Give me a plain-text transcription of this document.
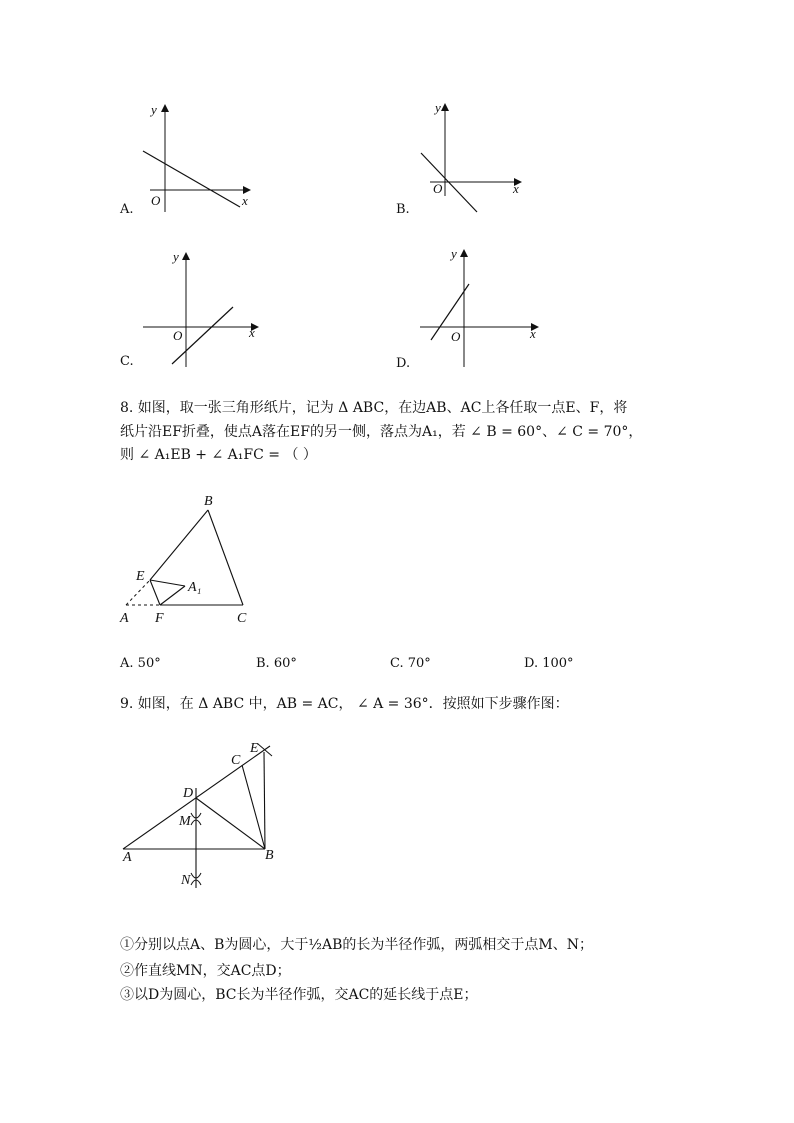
y
x
O
A.
y
x
O
B.
y
x
O
C.
y
x
O
D.
8. 如图，取一张三角形纸片，记为 Δ ABC，在边AB、AC上各任取一点E、F，将
纸片沿EF折叠，使点A落在EF的另一侧，落点为A₁，若 ∠ B = 60°、∠ C = 70°，
则 ∠ A₁EB + ∠ A₁FC = （ ）
B
E
A₁
A F	C
A. 50°	B. 60°	C. 70°	D. 100°
9. 如图，在 Δ ABC 中，AB = AC， ∠ A = 36°．按照如下步骤作图：
E
C
D
M
A	B
N
①分别以点A、B为圆心，大于½AB的长为半径作弧，两弧相交于点M、N；
②作直线MN，交AC点D；
③以D为圆心，BC长为半径作弧，交AC的延长线于点E；
